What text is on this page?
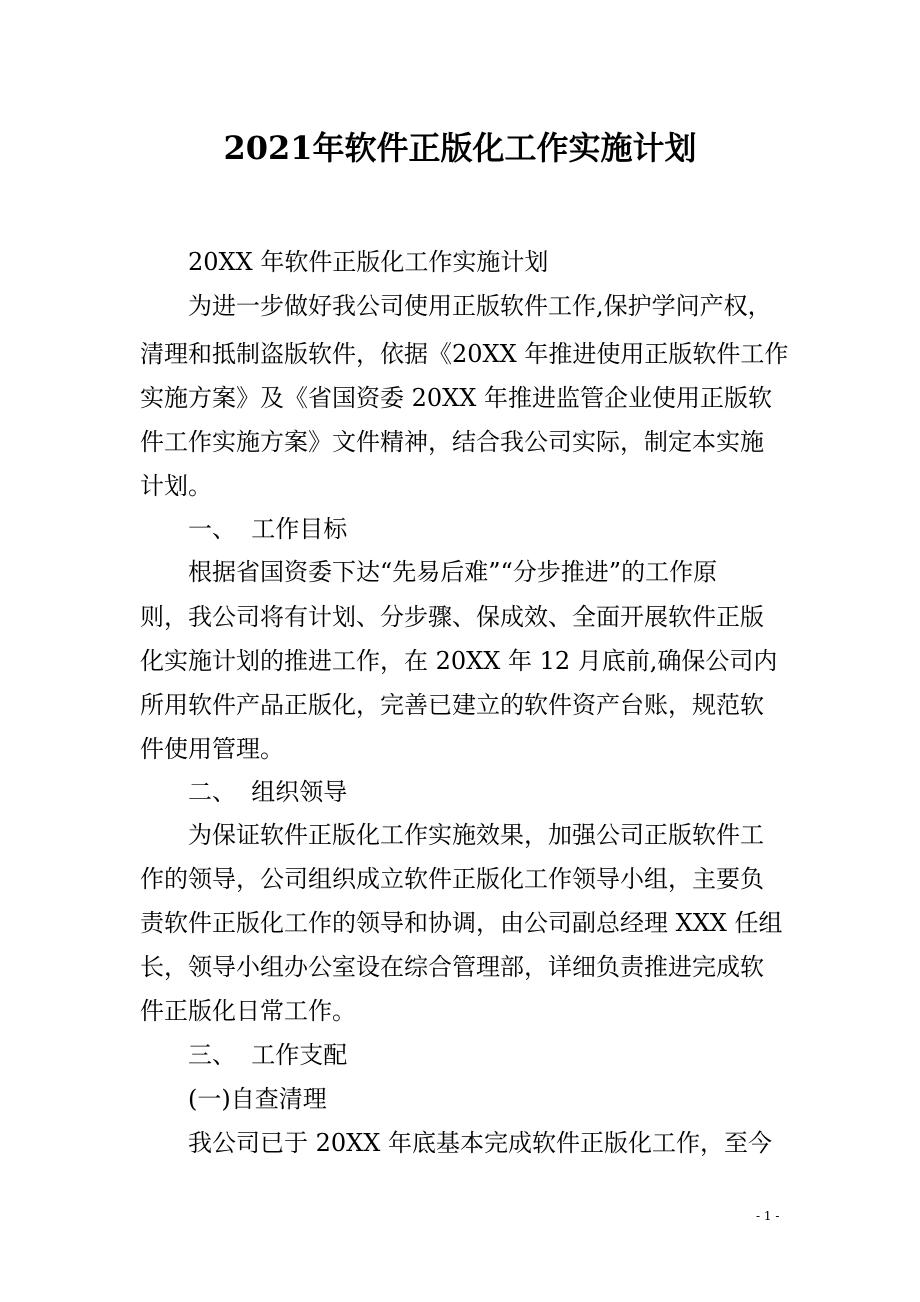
2021年软件正版化工作实施计划
20XX 年软件正版化工作实施计划
为进一步做好我公司使用正版软件工作,保护学问产权，
清理和抵制盗版软件，依据《20XX 年推进使用正版软件工作
实施方案》及《省国资委 20XX 年推进监管企业使用正版软
件工作实施方案》文件精神，结合我公司实际，制定本实施
计划。
一、  工作目标
根据省国资委下达“先易后难”“分步推进”的工作原
则，我公司将有计划、分步骤、保成效、全面开展软件正版
化实施计划的推进工作，在 20XX 年 12 月底前,确保公司内
所用软件产品正版化，完善已建立的软件资产台账，规范软
件使用管理。
二、  组织领导
为保证软件正版化工作实施效果，加强公司正版软件工
作的领导，公司组织成立软件正版化工作领导小组，主要负
责软件正版化工作的领导和协调，由公司副总经理 XXX 任组
长，领导小组办公室设在综合管理部，详细负责推进完成软
件正版化日常工作。
三、  工作支配
(一)自查清理
我公司已于 20XX 年底基本完成软件正版化工作，至今
- 1 -
